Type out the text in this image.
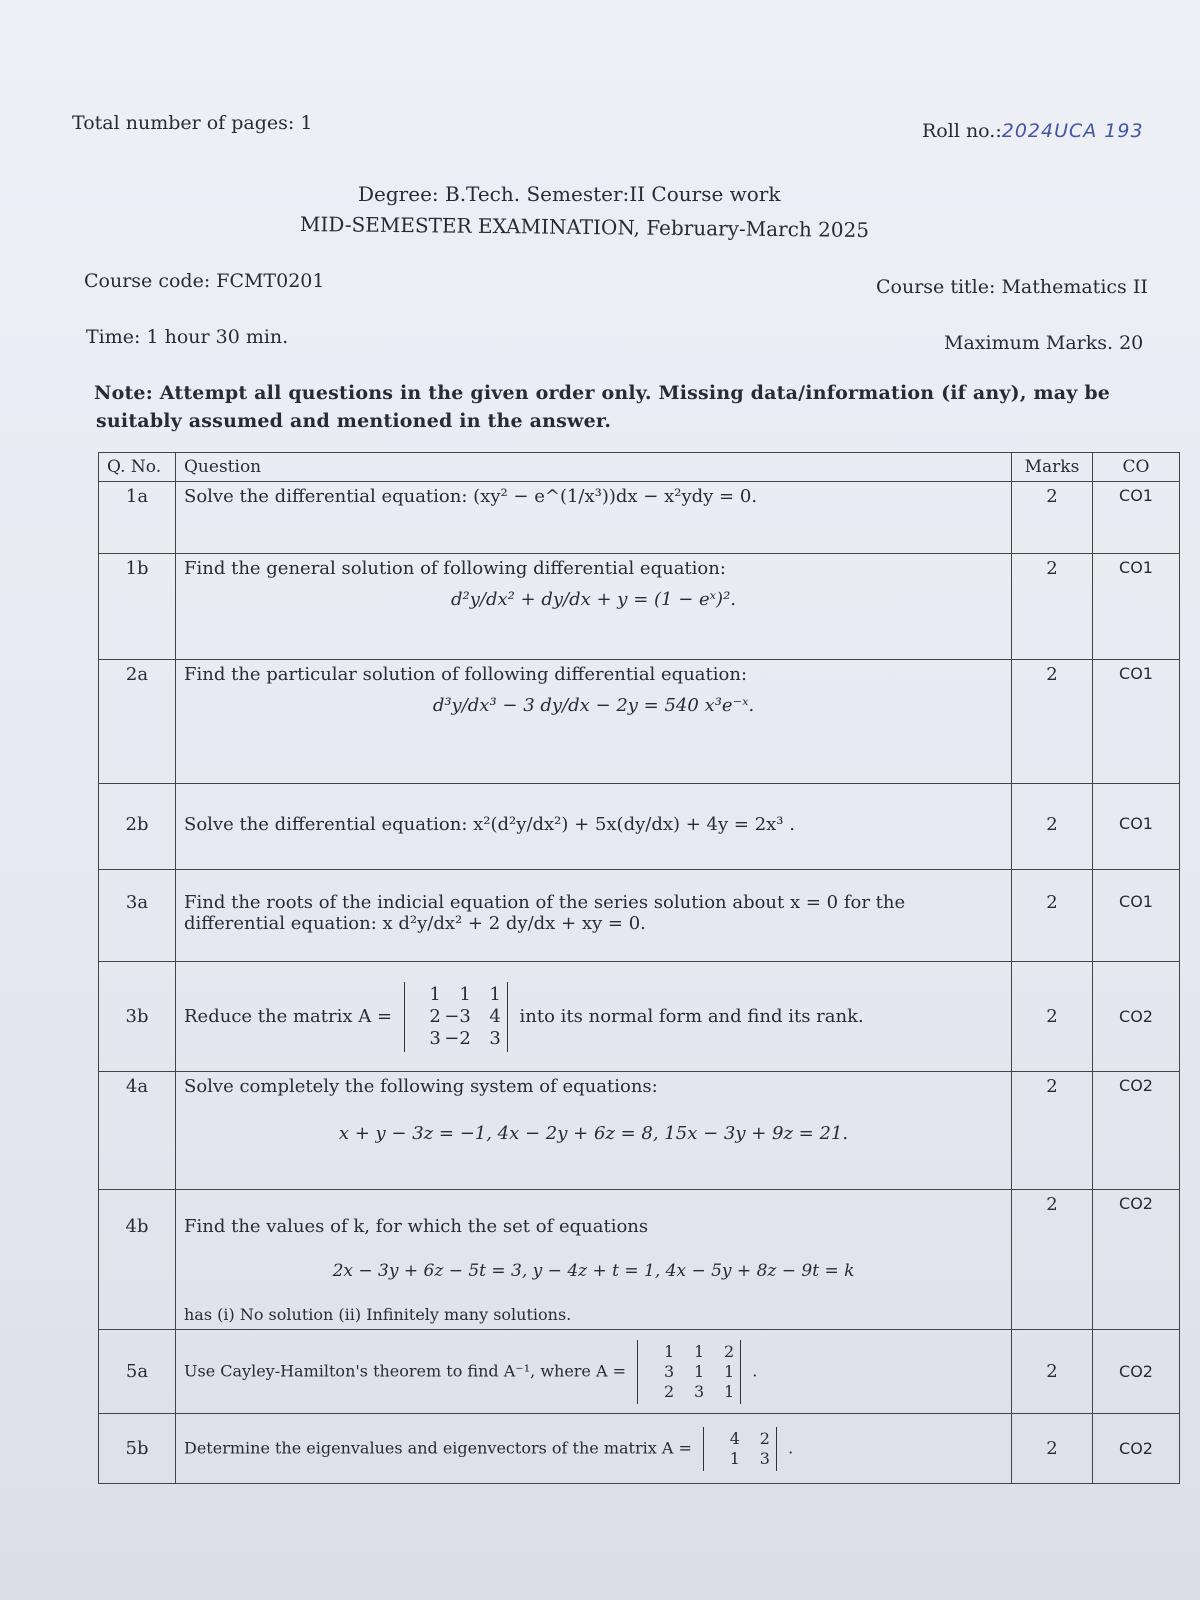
Total number of pages: 1	Roll no.:2024UCA 193
Degree: B.Tech. Semester:II Course work
MID-SEMESTER EXAMINATION, February-March 2025
Course code: FCMT0201	Course title: Mathematics II
Time: 1 hour 30 min.	Maximum Marks. 20
Note: Attempt all questions in the given order only. Missing data/information (if any), may be
suitably assumed and mentioned in the answer.
Q. No.	Question	Marks	CO
1a	Solve the differential equation: (xy² − e^(1/x³))dx − x²ydy = 0.	2	CO1
1b	Find the general solution of following differential equation:
d²y/dx² + dy/dx + y = (1 − eˣ)².	2	CO1
2a	Find the particular solution of following differential equation:
d³y/dx³ − 3 dy/dx − 2y = 540 x³e⁻ˣ.	2	CO1
2b	Solve the differential equation: x²(d²y/dx²) + 5x(dy/dx) + 4y = 2x³ .	2	CO1
3a	Find the roots of the indicial equation of the series solution about x = 0 for the differential equation: x d²y/dx² + 2 dy/dx + xy = 0.	2	CO1
3b	Reduce the matrix A =
1 1 1
2 −3 4
3 −2 3
into its normal form and find its rank.	2	CO2
4a	Solve completely the following system of equations:
x + y − 3z = −1, 4x − 2y + 6z = 8, 15x − 3y + 9z = 21.	2	CO2
4b	Find the values of k, for which the set of equations
2x − 3y + 6z − 5t = 3, y − 4z + t = 1, 4x − 5y + 8z − 9t = k
has (i) No solution (ii) Infinitely many solutions.	2	CO2
5a	Use Cayley-Hamilton's theorem to find A⁻¹, where A =
1 1 2
3 1 1
2 3 1
.	2	CO2
5b	Determine the eigenvalues and eigenvectors of the matrix A = 4 2
1 3
.	2	CO2
